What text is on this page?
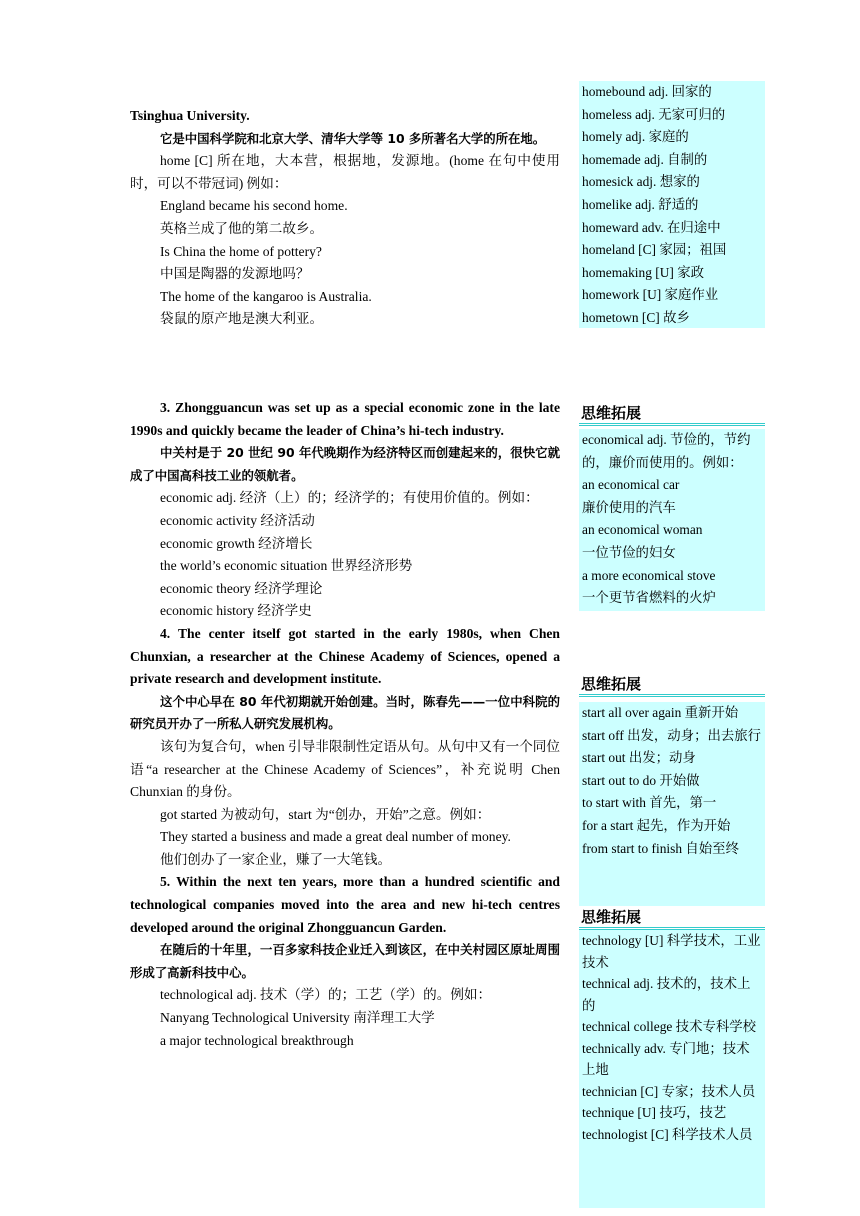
Tsinghua University.

它是中国科学院和北京大学、清华大学等 10 多所著名大学的所在地。

home [C] 所在地，大本营，根据地，发源地。(home 在句中使用时，可以不带冠词) 例如：

England became his second home.

英格兰成了他的第二故乡。

Is China the home of pottery?

中国是陶器的发源地吗？

The home of the kangaroo is Australia.

袋鼠的原产地是澳大利亚。

3. Zhongguancun was set up as a special economic zone in the late 1990s and quickly became the leader of China’s hi-tech industry.

中关村是于 20 世纪 90 年代晚期作为经济特区而创建起来的，很快它就成了中国高科技工业的领航者。

economic adj. 经济（上）的；经济学的；有使用价值的。例如：

economic activity 经济活动

economic growth 经济增长

the world’s economic situation 世界经济形势

economic theory 经济学理论

economic history 经济学史

4. The center itself got started in the early 1980s, when Chen Chunxian, a researcher at the Chinese Academy of Sciences, opened a private research and development institute.

这个中心早在 80 年代初期就开始创建。当时，陈春先——一位中科院的研究员开办了一所私人研究发展机构。

该句为复合句，when 引导非限制性定语从句。从句中又有一个同位语“a researcher at the Chinese Academy of Sciences”，补充说明 Chen Chunxian 的身份。

got started 为被动句，start 为“创办，开始”之意。例如：

They started a business and made a great deal number of money.

他们创办了一家企业，赚了一大笔钱。

5. Within the next ten years, more than a hundred scientific and technological companies moved into the area and new hi-tech centres developed around the original Zhongguancun Garden.

在随后的十年里，一百多家科技企业迁入到该区，在中关村园区原址周围形成了高新科技中心。

technological adj. 技术（学）的；工艺（学）的。例如：

Nanyang Technological University 南洋理工大学

a major technological breakthrough

homebound adj. 回家的

homeless adj. 无家可归的

homely adj. 家庭的

homemade adj. 自制的

homesick adj. 想家的

homelike adj. 舒适的

homeward adv. 在归途中

homeland [C] 家园；祖国

homemaking [U] 家政

homework [U] 家庭作业

hometown [C] 故乡

思维拓展

economical adj. 节俭的，节约的，廉价而使用的。例如：

an economical car

廉价使用的汽车

an economical woman

一位节俭的妇女

a more economical stove

一个更节省燃料的火炉

思维拓展

start all over again 重新开始

start off 出发，动身；出去旅行

start out 出发；动身

start out to do 开始做

to start with 首先，第一

for a start 起先，作为开始

from start to finish 自始至终

思维拓展

technology [U] 科学技术，工业技术

technical adj. 技术的，技术上的

technical college 技术专科学校

technically adv. 专门地；技术上地

technician [C] 专家；技术人员

technique [U] 技巧，技艺

technologist [C] 科学技术人员
